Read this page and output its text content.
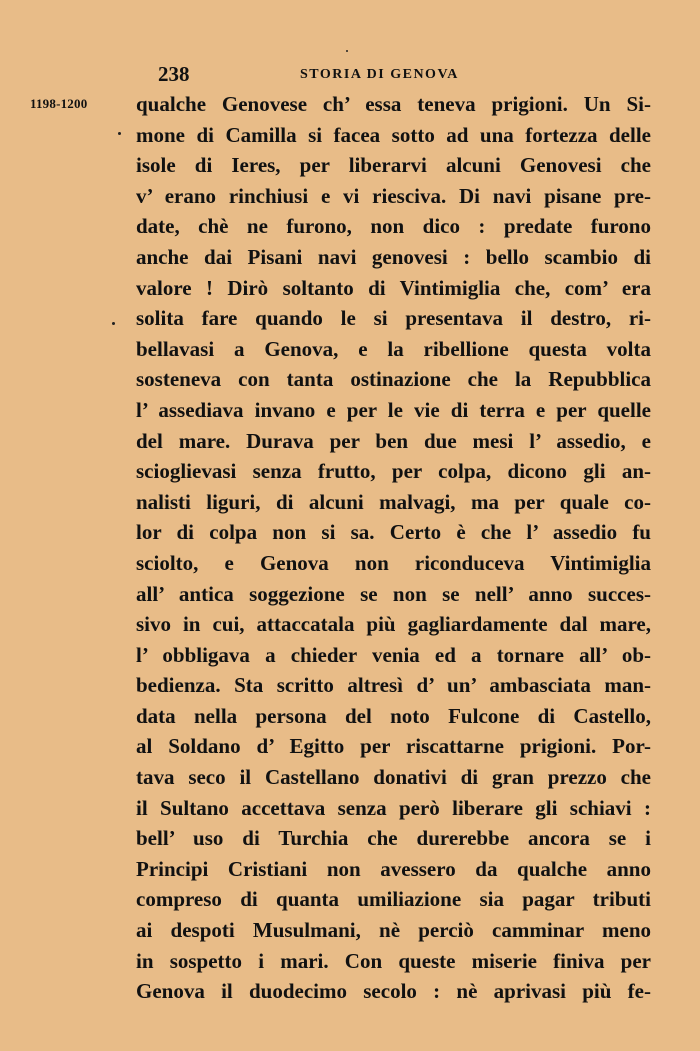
238	STORIA DI GENOVA
1198-1200 qualche Genovese ch’ essa teneva prigioni. Un Si-
mone di Camilla si facea sotto ad una fortezza delle
isole di Ieres, per liberarvi alcuni Genovesi che
v’ erano rinchiusi e vi riesciva. Di navi pisane pre-
date, chè ne furono, non dico : predate furono
anche dai Pisani navi genovesi : bello scambio di
valore ! Dirò soltanto di Vintimiglia che, com’ era
solita fare quando le si presentava il destro, ri-
bellavasi a Genova, e la ribellione questa volta
sosteneva con tanta ostinazione che la Repubblica
l’ assediava invano e per le vie di terra e per quelle
del mare. Durava per ben due mesi l’ assedio, e
scioglievasi senza frutto, per colpa, dicono gli an-
nalisti liguri, di alcuni malvagi, ma per quale co-
lor di colpa non si sa. Certo è che l’ assedio fu
sciolto, e Genova non riconduceva Vintimiglia
all’ antica soggezione se non se nell’ anno succes-
sivo in cui, attaccatala più gagliardamente dal mare,
l’ obbligava a chieder venia ed a tornare all’ ob-
bedienza. Sta scritto altresì d’ un’ ambasciata man-
data nella persona del noto Fulcone di Castello,
al Soldano d’ Egitto per riscattarne prigioni. Por-
tava seco il Castellano donativi di gran prezzo che
il Sultano accettava senza però liberare gli schiavi :
bell’ uso di Turchia che durerebbe ancora se i
Principi Cristiani non avessero da qualche anno
compreso di quanta umiliazione sia pagar tributi
ai despoti Musulmani, nè perciò camminar meno
in sospetto i mari. Con queste miserie finiva per
Genova il duodecimo secolo : nè aprivasi più fe-
